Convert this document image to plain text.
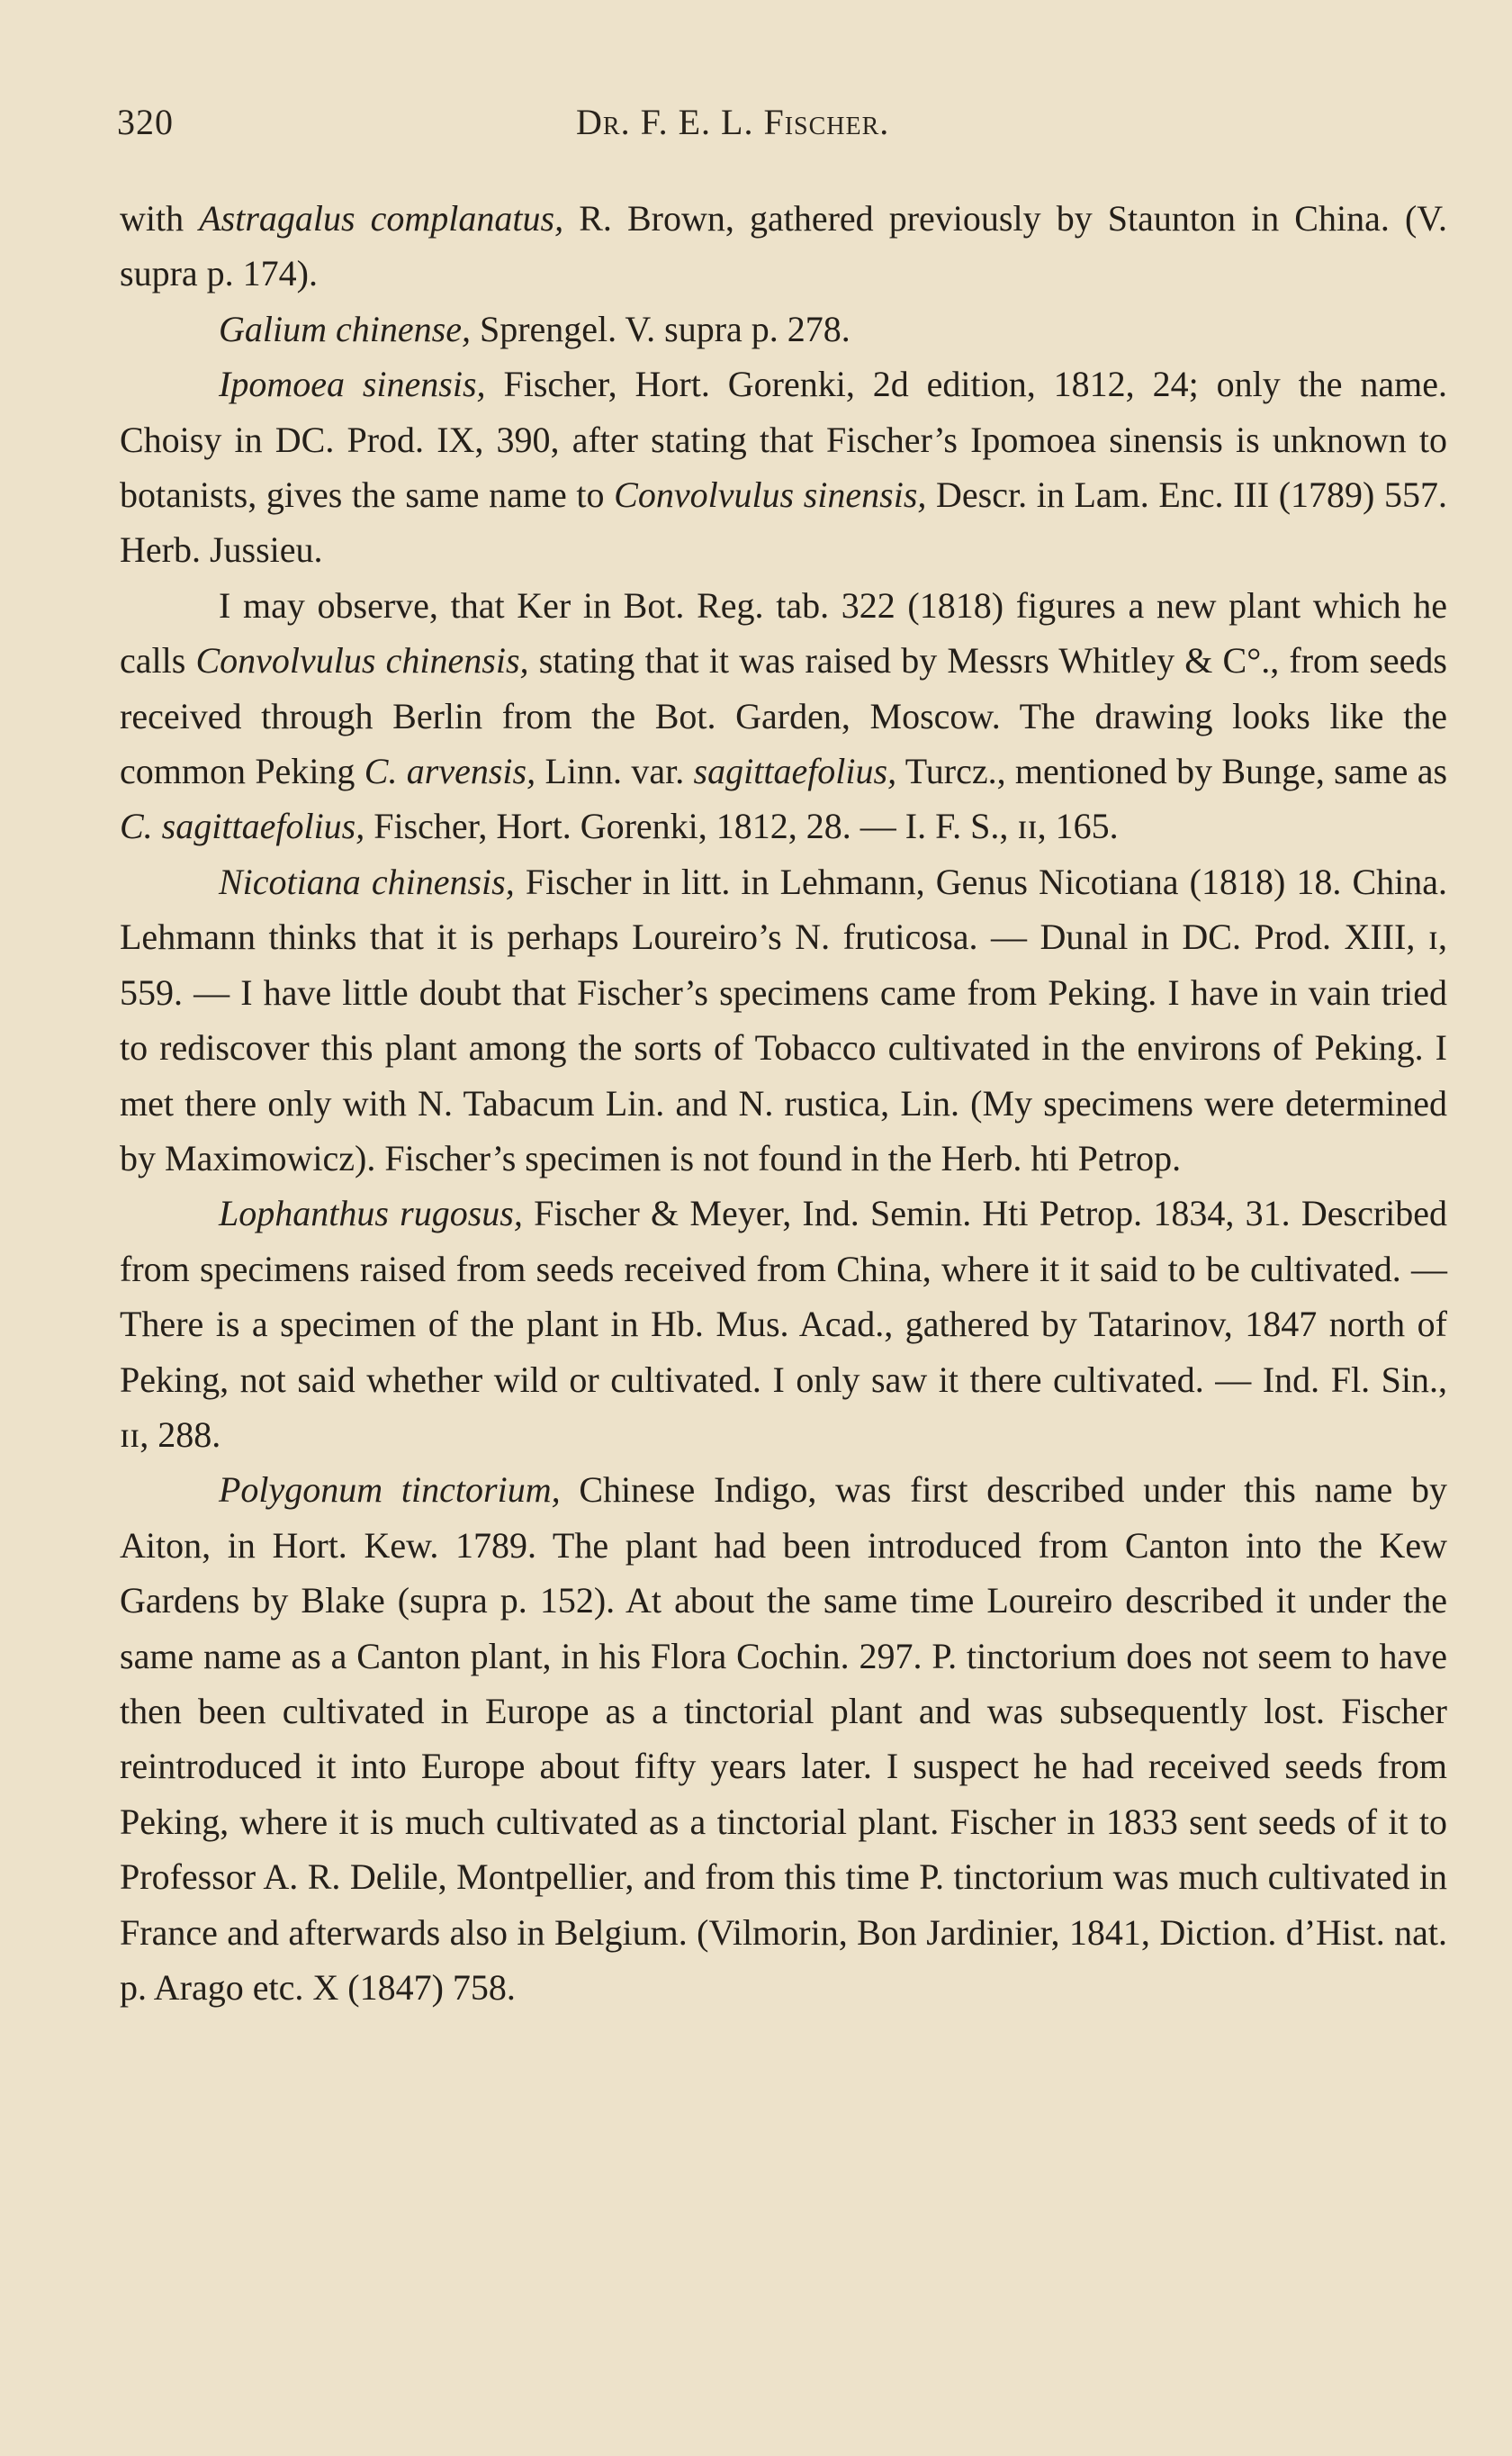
320	Dr. F. E. L. Fischer.

with Astragalus complanatus, R. Brown, gathered previously by Staunton in China. (V. supra p. 174).

Galium chinense, Sprengel. V. supra p. 278.

Ipomoea sinensis, Fischer, Hort. Gorenki, 2d edition, 1812, 24; only the name. Choisy in DC. Prod. IX, 390, after stating that Fischer’s Ipomoea sinensis is unknown to botanists, gives the same name to Convolvulus sinensis, Descr. in Lam. Enc. III (1789) 557. Herb. Jussieu.

I may observe, that Ker in Bot. Reg. tab. 322 (1818) figures a new plant which he calls Convolvulus chinensis, stating that it was raised by Messrs Whitley & C°., from seeds received through Berlin from the Bot. Garden, Moscow. The drawing looks like the common Peking C. arvensis, Linn. var. sagittaefolius, Turcz., mentioned by Bunge, same as C. sagittaefolius, Fischer, Hort. Gorenki, 1812, 28. — I. F. S., ɪɪ, 165.

Nicotiana chinensis, Fischer in litt. in Lehmann, Genus Nicotiana (1818) 18. China. Lehmann thinks that it is perhaps Loureiro’s N. fruticosa. — Dunal in DC. Prod. XIII, ɪ, 559. — I have little doubt that Fischer’s specimens came from Peking. I have in vain tried to rediscover this plant among the sorts of Tobacco cultivated in the environs of Peking. I met there only with N. Tabacum Lin. and N. rustica, Lin. (My specimens were determined by Maximowicz). Fischer’s specimen is not found in the Herb. hti Petrop.

Lophanthus rugosus, Fischer & Meyer, Ind. Semin. Hti Petrop. 1834, 31. Described from specimens raised from seeds received from China, where it it said to be cultivated. — There is a specimen of the plant in Hb. Mus. Acad., gathered by Tatarinov, 1847 north of Peking, not said whether wild or cultivated. I only saw it there cultivated. — Ind. Fl. Sin., ɪɪ, 288.

Polygonum tinctorium, Chinese Indigo, was first described under this name by Aiton, in Hort. Kew. 1789. The plant had been introduced from Canton into the Kew Gardens by Blake (supra p. 152). At about the same time Loureiro described it under the same name as a Canton plant, in his Flora Cochin. 297. P. tinctorium does not seem to have then been cultivated in Europe as a tinctorial plant and was subsequently lost. Fischer reintroduced it into Europe about fifty years later. I suspect he had received seeds from Peking, where it is much cultivated as a tinctorial plant. Fischer in 1833 sent seeds of it to Professor A. R. Delile, Montpellier, and from this time P. tinctorium was much cultivated in France and afterwards also in Belgium. (Vilmorin, Bon Jardinier, 1841, Diction. d’Hist. nat. p. Arago etc. X (1847) 758.
